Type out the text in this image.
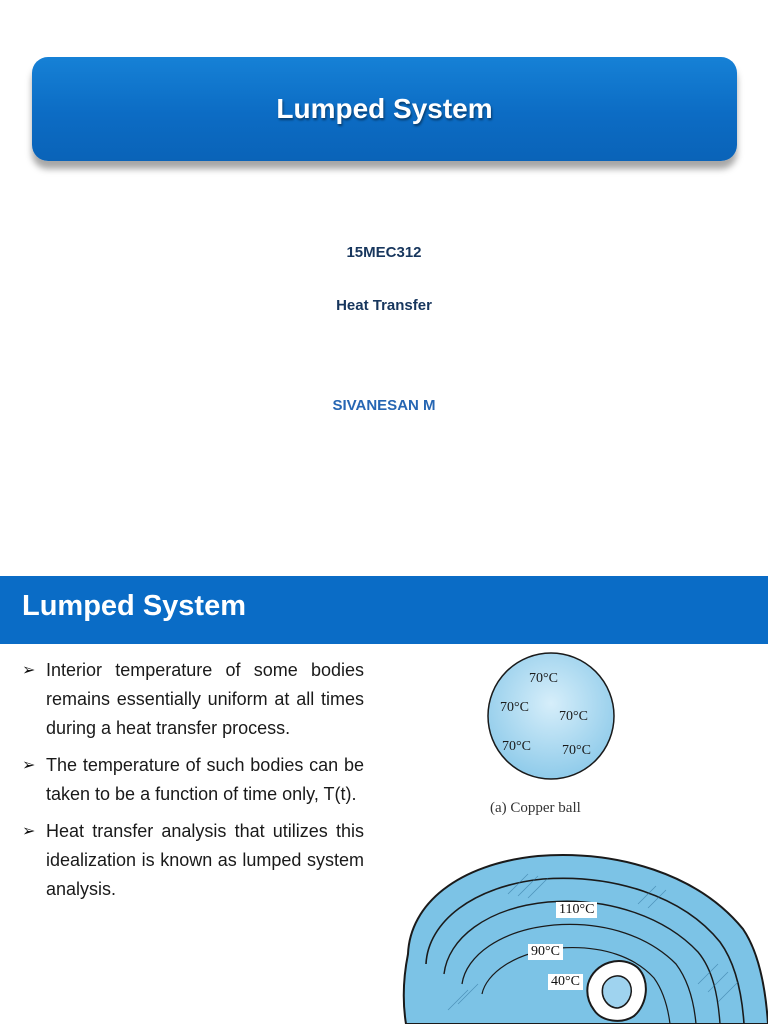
Lumped System
15MEC312
Heat Transfer
SIVANESAN M
Lumped System
➢ Interior temperature of some bodies remains essentially uniform at all times during a heat transfer process.
➢ The temperature of such bodies can be taken to be a function of time only, T(t).
➢ Heat transfer analysis that utilizes this idealization is known as lumped system analysis.
70°C
70°C
70°C
70°C 70°C
(a) Copper ball
110°C
90°C
40°C
